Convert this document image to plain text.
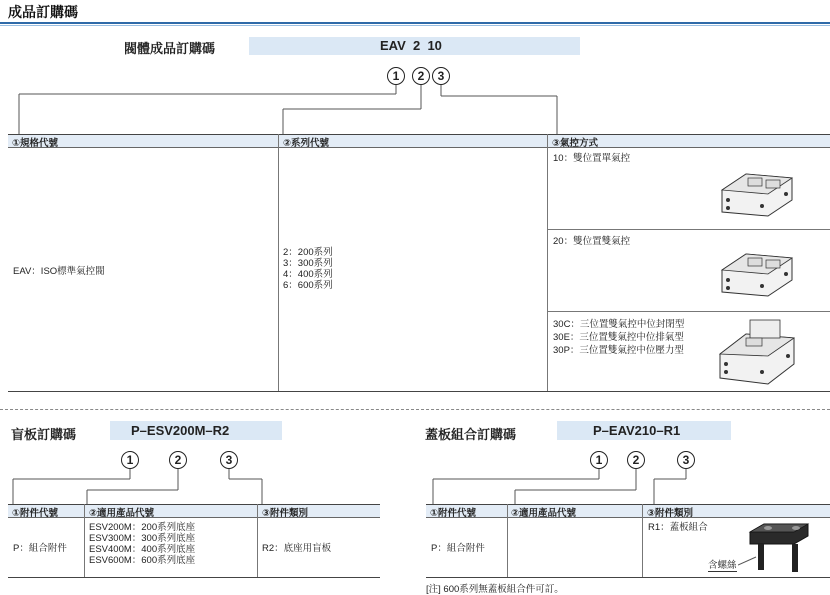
成品訂購碼
閥體成品訂購碼	EAV  2  10
1	2	3
①規格代號	②系列代號	③氣控方式
EAV：ISO標準氣控閥
2：200系列
3：300系列
4：400系列
6：600系列
10：雙位置單氣控
20：雙位置雙氣控
30C：三位置雙氣控中位封閉型
30E：三位置雙氣控中位排氣型
30P：三位置雙氣控中位壓力型
盲板訂購碼	P–ESV200M–R2
1	2	3
①附件代號	②適用產品代號	③附件類別
P：組合附件
ESV200M：200系列底座
ESV300M：300系列底座
ESV400M：400系列底座
ESV600M：600系列底座
R2：底座用盲板
蓋板組合訂購碼	P–EAV210–R1
1	2	3
①附件代號	②適用產品代號	③附件類別
P：組合附件
R1：蓋板組合
含螺絲
[注] 600系列無蓋板組合件可訂。
